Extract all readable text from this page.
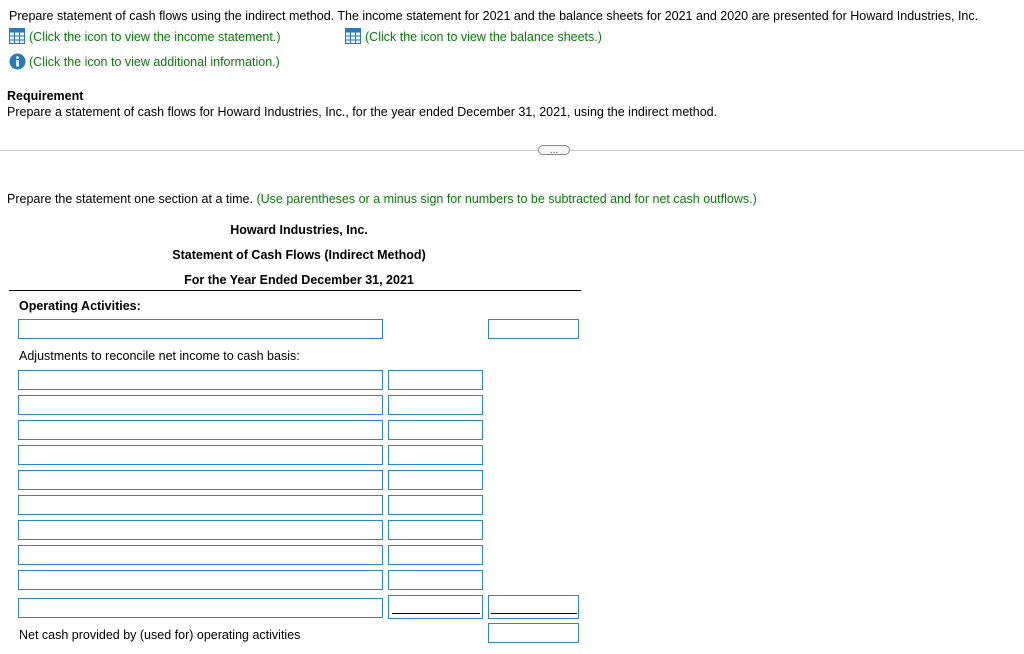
Prepare statement of cash flows using the indirect method. The income statement for 2021 and the balance sheets for 2021 and 2020 are presented for Howard Industries, Inc.
(Click the icon to view the income statement.)	(Click the icon to view the balance sheets.)
(Click the icon to view additional information.)
Requirement
Prepare a statement of cash flows for Howard Industries, Inc., for the year ended December 31, 2021, using the indirect method.
…
Prepare the statement one section at a time. (Use parentheses or a minus sign for numbers to be subtracted and for net cash outflows.)
Howard Industries, Inc.
Statement of Cash Flows (Indirect Method)
For the Year Ended December 31, 2021
Operating Activities:
Adjustments to reconcile net income to cash basis:
Net cash provided by (used for) operating activities
